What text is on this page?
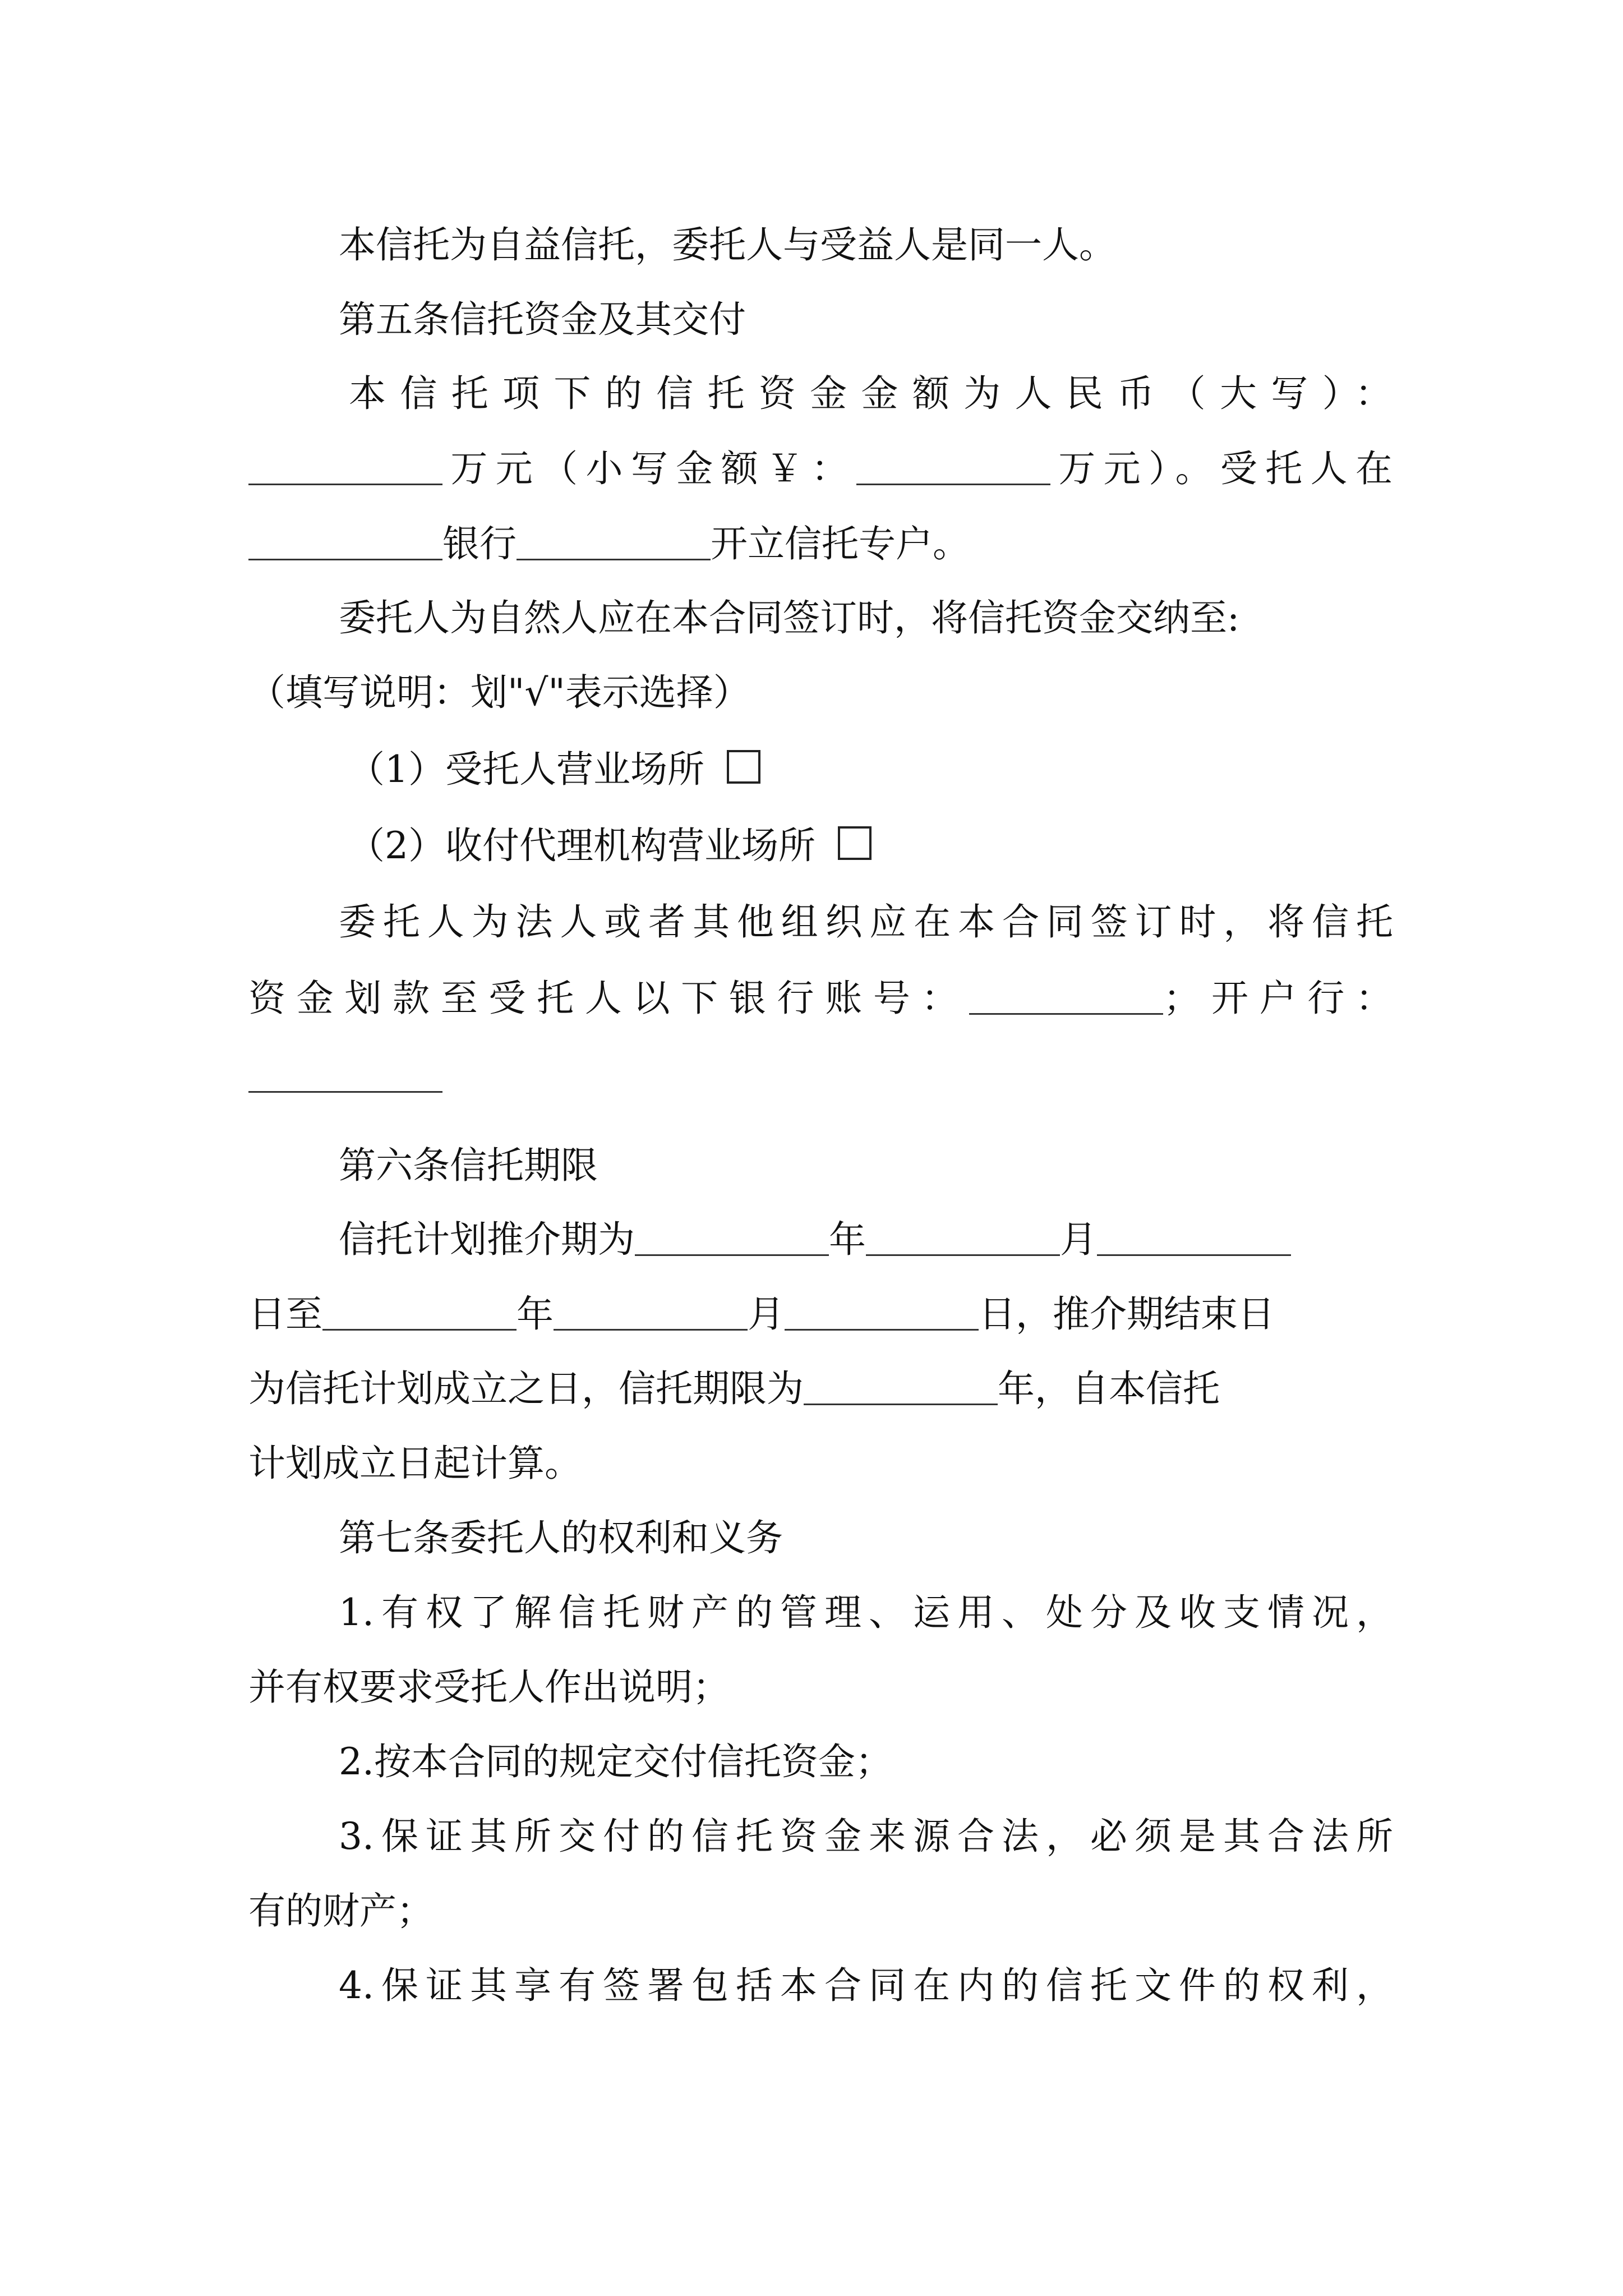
本信托为自益信托，委托人与受益人是同一人。
第五条信托资金及其交付
本信托项下的信托资金金额为人民币（大写）：
万元（小写金额￥：	万元）。受托人在
银行	开立信托专户。
委托人为自然人应在本合同签订时，将信托资金交纳至:
（填写说明：划"√"表示选择）
（1）受托人营业场所
（2）收付代理机构营业场所
委托人为法人或者其他组织应在本合同签订时，将信托
资金划款至受托人以下银行账号：	；开户行：
第六条信托期限
信托计划推介期为	年	月
日至	年	月	日，推介期结束日
为信托计划成立之日，信托期限为	年，自本信托
计划成立日起计算。
第七条委托人的权利和义务
1.有权了解信托财产的管理、运用、处分及收支情况，
并有权要求受托人作出说明；
2.按本合同的规定交付信托资金；
3.保证其所交付的信托资金来源合法，必须是其合法所
有的财产；
4.保证其享有签署包括本合同在内的信托文件的权利，
